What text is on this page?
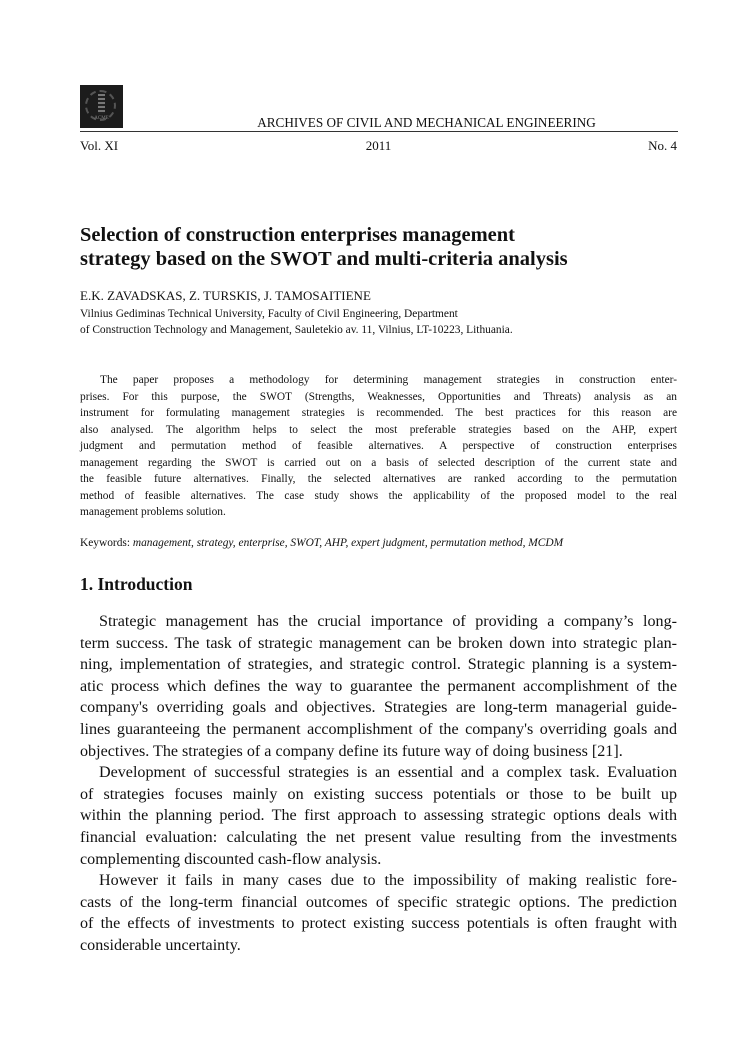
ACME	ARCHIVES OF CIVIL AND MECHANICAL ENGINEERING
Vol. XI	2011	No. 4
Selection of construction enterprises management
strategy based on the SWOT and multi-criteria analysis
E.K. ZAVADSKAS, Z. TURSKIS, J. TAMOSAITIENE
Vilnius Gediminas Technical University, Faculty of Civil Engineering, Department
of Construction Technology and Management, Sauletekio av. 11, Vilnius, LT-10223, Lithuania.
The paper proposes a methodology for determining management strategies in construction enter-
prises. For this purpose, the SWOT (Strengths, Weaknesses, Opportunities and Threats) analysis as an
instrument for formulating management strategies is recommended. The best practices for this reason are
also analysed. The algorithm helps to select the most preferable strategies based on the AHP, expert
judgment and permutation method of feasible alternatives. A perspective of construction enterprises
management regarding the SWOT is carried out on a basis of selected description of the current state and
the feasible future alternatives. Finally, the selected alternatives are ranked according to the permutation
method of feasible alternatives. The case study shows the applicability of the proposed model to the real
management problems solution.
Keywords: management, strategy, enterprise, SWOT, AHP, expert judgment, permutation method, MCDM
1. Introduction
Strategic management has the crucial importance of providing a company’s long-
term success. The task of strategic management can be broken down into strategic plan-
ning, implementation of strategies, and strategic control. Strategic planning is a system-
atic process which defines the way to guarantee the permanent accomplishment of the
company's overriding goals and objectives. Strategies are long-term managerial guide-
lines guaranteeing the permanent accomplishment of the company's overriding goals and
objectives. The strategies of a company define its future way of doing business [21].
Development of successful strategies is an essential and a complex task. Evaluation
of strategies focuses mainly on existing success potentials or those to be built up
within the planning period. The first approach to assessing strategic options deals with
financial evaluation: calculating the net present value resulting from the investments
complementing discounted cash-flow analysis.
However it fails in many cases due to the impossibility of making realistic fore-
casts of the long-term financial outcomes of specific strategic options. The prediction
of the effects of investments to protect existing success potentials is often fraught with
considerable uncertainty.
